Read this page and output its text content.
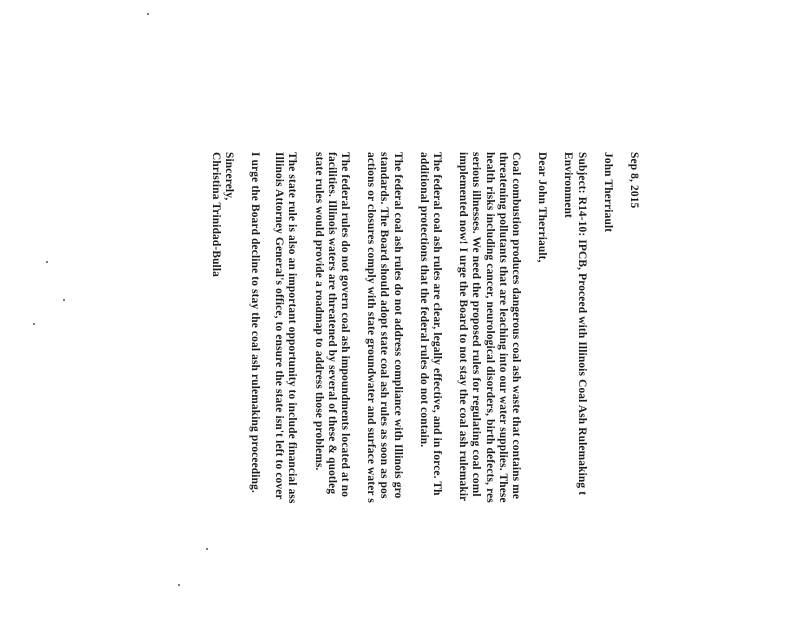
Sep 8, 2015

John Therriault

Subject: R14-10: IPCB, Proceed with Illinois Coal Ash Rulemaking t

Environment

Dear John Therriault,

Coal combustion produces dangerous coal ash waste that contains me

threatening pollutants that are leaching into our water supplies. These

health risks including cancer, neurological disorders, birth defects, res

serious illnesses. We need the proposed rules for regulating coal coml

implemented now! I urge the Board to not stay the coal ash rulemakir

The federal coal ash rules are clear, legally effective, and in force. Th

additional protections that the federal rules do not contain.

The federal coal ash rules do not address compliance with Illinois gro

standards. The Board should adopt state coal ash rules as soon as pos

actions or closures comply with state groundwater and surface water s

The federal rules do not govern coal ash impoundments located at no

facilities. Illinois waters are threatened by several of these & quotleg

state rules would provide a roadmap to address those problems.

The state rule is also an important opportunity to include financial ass

Illinois Attorney General's office, to ensure the state isn't left to cover

I urge the Board decline to stay the coal ash rulemaking proceeding.

Sincerely,

Christina Trinidad-Bulla
